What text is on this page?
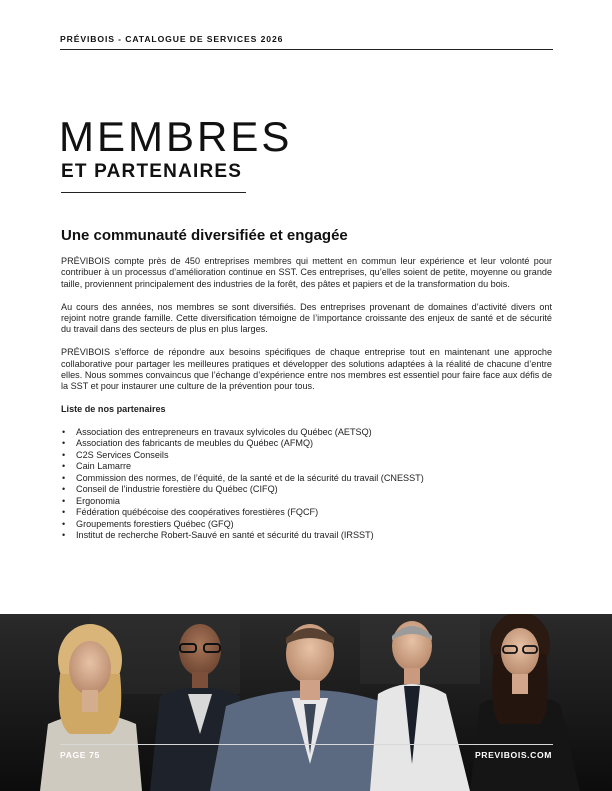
PRÉVIBOIS - CATALOGUE DE SERVICES 2026
MEMBRES
ET PARTENAIRES
Une communauté diversifiée et engagée

PRÉVIBOIS compte près de 450 entreprises membres qui mettent en commun leur expérience et leur volonté pour contribuer à un processus d’amélioration continue en SST. Ces entreprises, qu’elles soient de petite, moyenne ou grande taille, proviennent principalement des industries de la forêt, des pâtes et papiers et de la transformation du bois.

Au cours des années, nos membres se sont diversifiés. Des entreprises provenant de domaines d’activité divers ont rejoint notre grande famille. Cette diversification témoigne de l’importance croissante des enjeux de santé et de sécurité du travail dans des secteurs de plus en plus larges.

PRÉVIBOIS s’efforce de répondre aux besoins spécifiques de chaque entreprise tout en maintenant une approche collaborative pour partager les meilleures pratiques et développer des solutions adaptées à la réalité de chacune d’entre elles. Nous sommes convaincus que l’échange d’expérience entre nos membres est essentiel pour faire face aux défis de la SST et pour instaurer une culture de la prévention pour tous.

Liste de nos partenaires
• Association des entrepreneurs en travaux sylvicoles du Québec (AETSQ)
• Association des fabricants de meubles du Québec (AFMQ)
• C2S Services Conseils
• Cain Lamarre
• Commission des normes, de l’équité, de la santé et de la sécurité du travail (CNESST)
• Conseil de l’industrie forestière du Québec (CIFQ)
• Ergonomia
• Fédération québécoise des coopératives forestières (FQCF)
• Groupements forestiers Québec (GFQ)
• Institut de recherche Robert-Sauvé en santé et sécurité du travail (IRSST)
PAGE 75	PREVIBOIS.COM
